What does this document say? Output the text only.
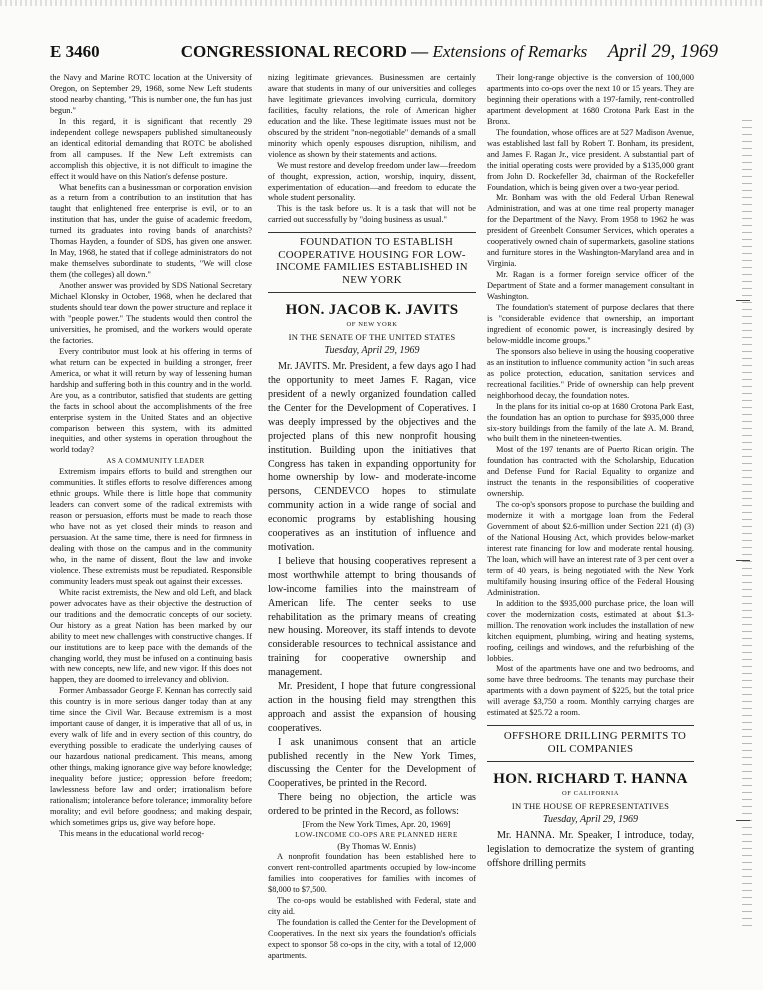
E 3460	CONGRESSIONAL RECORD — Extensions of Remarks	April 29, 1969

the Navy and Marine ROTC location at the University of Oregon, on September 29, 1968, some New Left students stood nearby chanting, "This is number one, the fun has just begun."

In this regard, it is significant that recently 29 independent college newspapers published simultaneously an identical editorial demanding that ROTC be abolished from all campuses. If the New Left extremists can accomplish this objective, it is not difficult to imagine the effect it would have on this Nation's defense posture.

What benefits can a businessman or corporation envision as a return from a contribution to an institution that has taught that enlightened free enterprise is evil, or to an institution that has, under the guise of academic freedom, turned its graduates into roving bands of anarchists? Thomas Hayden, a founder of SDS, has given one answer. In May, 1968, he stated that if college administrators do not make themselves subordinate to students, "We will close them (the colleges) all down."

Another answer was provided by SDS National Secretary Michael Klonsky in October, 1968, when he declared that students should tear down the power structure and replace it with "people power." The students would then control the universities, he promised, and the workers would operate the factories.

Every contributor must look at his offering in terms of what return can be expected in building a stronger, freer America, or what it will return by way of lessening human hardship and suffering both in this country and in the world. Are you, as a contributor, satisfied that students are getting the facts in school about the accomplishments of the free enterprise system in the United States and an objective comparison between this system, with its admitted inequities, and other systems in operation throughout the world today?

AS A COMMUNITY LEADER

Extremism impairs efforts to build and strengthen our communities. It stifles efforts to resolve differences among ethnic groups. While there is little hope that community leaders can convert some of the radical extremists with reason or persuasion, efforts must be made to reach those who have not as yet closed their minds to reason and persuasion. At the same time, there is need for firmness in dealing with those on the campus and in the community who, in the name of dissent, flout the law and invoke violence. These extremists must be repudiated. Responsible community leaders must speak out against their excesses.

White racist extremists, the New and old Left, and black power advocates have as their objective the destruction of our traditions and the democratic concepts of our society. Our history as a great Nation has been marked by our ability to meet new challenges with constructive changes. If our institutions are to keep pace with the demands of the changing world, they must be infused on a continuing basis with new concepts, new life, and new vigor. If this does not happen, they are doomed to irrelevancy and oblivion.

Former Ambassador George F. Kennan has correctly said this country is in more serious danger today than at any time since the Civil War. Because extremism is a most important cause of danger, it is imperative that all of us, in every walk of life and in every section of this country, do everything possible to eradicate the underlying causes of our hazardous national predicament. This means, among other things, making ignorance give way before knowledge; inequality before justice; oppression before freedom; lawlessness before law and order; irrationalism before rationalism; intolerance before tolerance; immorality before morality; and evil before goodness; and making despair, which sometimes grips us, give way before hope.

This means in the educational world recog-

nizing legitimate grievances. Businessmen are certainly aware that students in many of our universities and colleges have legitimate grievances involving curricula, dormitory facilities, faculty relations, the role of American higher education and the like. These legitimate issues must not be obscured by the strident "non-negotiable" demands of a small minority which openly espouses disruption, nihilism, and violence as shown by their statements and actions.

We must restore and develop freedom under law—freedom of thought, expression, action, worship, inquiry, dissent, experimentation of education—and freedom to educate the whole student personality.

This is the task before us. It is a task that will not be carried out successfully by "doing business as usual."

FOUNDATION TO ESTABLISH COOPERATIVE HOUSING FOR LOW-INCOME FAMILIES ESTABLISHED IN NEW YORK

HON. JACOB K. JAVITS
OF NEW YORK
IN THE SENATE OF THE UNITED STATES
Tuesday, April 29, 1969

Mr. JAVITS. Mr. President, a few days ago I had the opportunity to meet James F. Ragan, vice president of a newly organized foundation called the Center for the Development of Coperatives. I was deeply impressed by the objectives and the projected plans of this new nonprofit housing institution. Building upon the initiatives that Congress has taken in expanding opportunity for home ownership by low- and moderate-income persons, CENDEVCO hopes to stimulate community action in a wide range of social and economic programs by establishing housing cooperatives as an institution of influence and motivation.

I believe that housing cooperatives represent a most worthwhile attempt to bring thousands of low-income families into the mainstream of American life. The center seeks to use rehabilitation as the primary means of creating new housing. Moreover, its staff intends to devote considerable resources to technical assistance and training for cooperative ownership and management.

Mr. President, I hope that future congressional action in the housing field may strengthen this approach and assist the expansion of housing cooperatives.

I ask unanimous consent that an article published recently in the New York Times, discussing the Center for the Development of Cooperatives, be printed in the Record.

There being no objection, the article was ordered to be printed in the Record, as follows:

[From the New York Times, Apr. 20, 1969]

LOW-INCOME CO-OPS ARE PLANNED HERE

(By Thomas W. Ennis)

A nonprofit foundation has been established here to convert rent-controlled apartments occupied by low-income families into cooperatives for families with incomes of $8,000 to $7,500.

The co-ops would be established with Federal, state and city aid.

The foundation is called the Center for the Development of Cooperatives. In the next six years the foundation's officials expect to sponsor 58 co-ops in the city, with a total of 12,000 apartments.

Their long-range objective is the conversion of 100,000 apartments into co-ops over the next 10 or 15 years. They are beginning their operations with a 197-family, rent-controlled apartment development at 1680 Crotona Park East in the Bronx.

The foundation, whose offices are at 527 Madison Avenue, was established last fall by Robert T. Bonham, its president, and James F. Ragan Jr., vice president. A substantial part of the initial operating costs were provided by a $135,000 grant from John D. Rockefeller 3d, chairman of the Rockefeller Foundation, which is being given over a two-year period.

Mr. Bonham was with the old Federal Urban Renewal Administration, and was at one time real property manager for the Department of the Navy. From 1958 to 1962 he was president of Greenbelt Consumer Services, which operates a cooperatively owned chain of supermarkets, gasoline stations and furniture stores in the Washington-Maryland area and in Virginia.

Mr. Ragan is a former foreign service officer of the Department of State and a former management consultant in Washington.

The foundation's statement of purpose declares that there is "considerable evidence that ownership, an important ingredient of economic power, is increasingly desired by below-middle income groups."

The sponsors also believe in using the housing cooperative as an institution to influence community action "in such areas as police protection, education, sanitation services and recreational facilities." Pride of ownership can help prevent neighborhood decay, the foundation notes.

In the plans for its initial co-op at 1680 Crotona Park East, the foundation has an option to purchase for $935,000 three six-story buildings from the family of the late A. M. Brand, who built them in the nineteen-twenties.

Most of the 197 tenants are of Puerto Rican origin. The foundation has contracted with the Scholarship, Education and Defense Fund for Racial Equality to organize and instruct the tenants in the responsibilities of cooperative ownership.

The co-op's sponsors propose to purchase the building and modernize it with a mortgage loan from the Federal Government of about $2.6-million under Section 221 (d) (3) of the National Housing Act, which provides below-market interest rate financing for low and moderate rental housing. The loan, which will have an interest rate of 3 per cent over a term of 40 years, is being negotiated with the New York multifamily housing insuring office of the Federal Housing Administration.

In addition to the $935,000 purchase price, the loan will cover the modernization costs, estimated at about $1.3-million. The renovation work includes the installation of new kitchen equipment, plumbing, wiring and heating systems, roofing, ceilings and windows, and the refurbishing of the lobbies.

Most of the apartments have one and two bedrooms, and some have three bedrooms. The tenants may purchase their apartments with a down payment of $225, but the total price will average $3,750 a room. Monthly carrying charges are estimated at $25.72 a room.

OFFSHORE DRILLING PERMITS TO OIL COMPANIES

HON. RICHARD T. HANNA
OF CALIFORNIA
IN THE HOUSE OF REPRESENTATIVES
Tuesday, April 29, 1969

Mr. HANNA. Mr. Speaker, I introduce, today, legislation to democratize the system of granting offshore drilling permits
